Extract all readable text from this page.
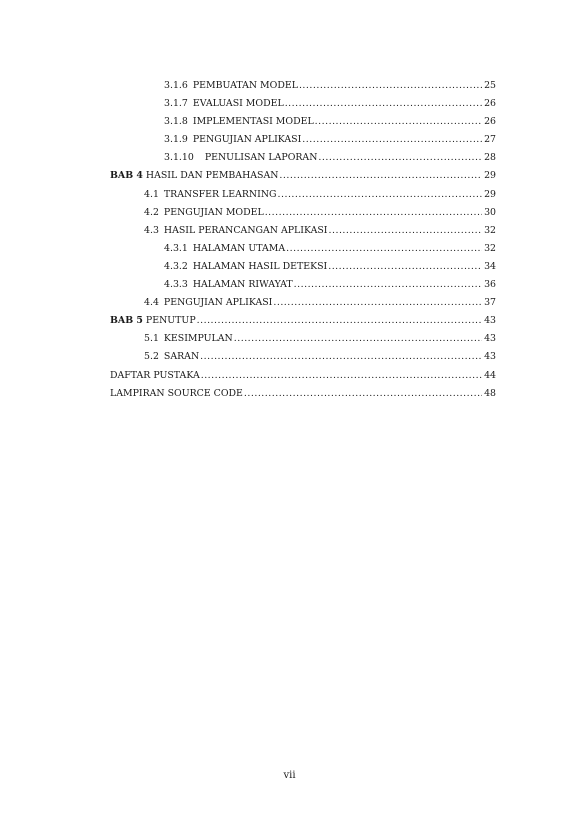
3.1.6 PEMBUATAN MODEL .....	25
3.1.7 EVALUASI MODEL .....	26
3.1.8 IMPLEMENTASI MODEL .....	26
3.1.9 PENGUJIAN APLIKASI .....	27
3.1.10 PENULISAN LAPORAN .....	28
BAB 4 HASIL DAN PEMBAHASAN .....	29
4.1 TRANSFER LEARNING .....	29
4.2 PENGUJIAN MODEL .....	30
4.3 HASIL PERANCANGAN APLIKASI .....	32
4.3.1 HALAMAN UTAMA .....	32
4.3.2 HALAMAN HASIL DETEKSI .....	34
4.3.3 HALAMAN RIWAYAT .....	36
4.4 PENGUJIAN APLIKASI .....	37
BAB 5 PENUTUP .....	43
5.1 KESIMPULAN .....	43
5.2 SARAN .....	43
DAFTAR PUSTAKA .....	44
LAMPIRAN SOURCE CODE .....	48
vii
